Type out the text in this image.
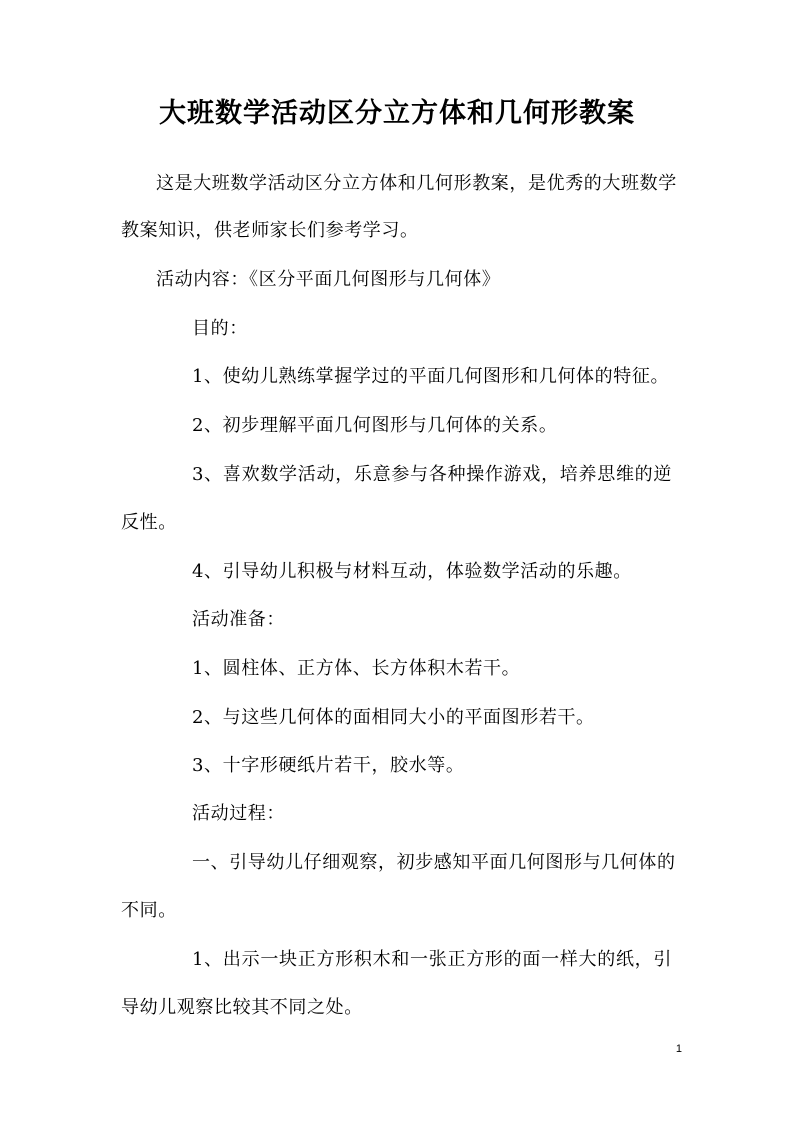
大班数学活动区分立方体和几何形教案
这是大班数学活动区分立方体和几何形教案，是优秀的大班数学
教案知识，供老师家长们参考学习。
活动内容：《区分平面几何图形与几何体》
目的：
1、使幼儿熟练掌握学过的平面几何图形和几何体的特征。
2、初步理解平面几何图形与几何体的关系。
3、喜欢数学活动，乐意参与各种操作游戏，培养思维的逆
反性。
4、引导幼儿积极与材料互动，体验数学活动的乐趣。
活动准备：
1、圆柱体、正方体、长方体积木若干。
2、与这些几何体的面相同大小的平面图形若干。
3、十字形硬纸片若干，胶水等。
活动过程：
一、引导幼儿仔细观察，初步感知平面几何图形与几何体的
不同。
1、出示一块正方形积木和一张正方形的面一样大的纸，引
导幼儿观察比较其不同之处。
1
